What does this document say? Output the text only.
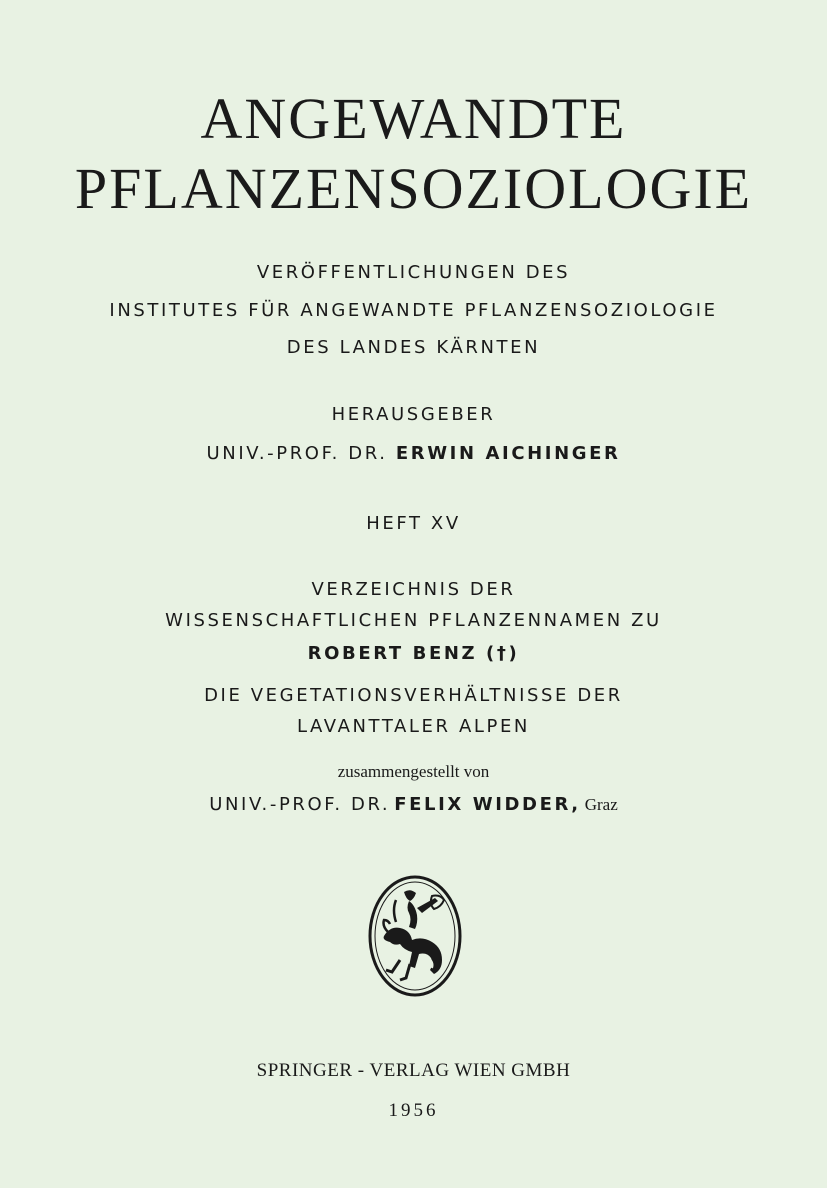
ANGEWANDTE
PFLANZENSOZIOLOGIE
VERÖFFENTLICHUNGEN DES
INSTITUTES FÜR ANGEWANDTE PFLANZENSOZIOLOGIE
DES LANDES KÄRNTEN
HERAUSGEBER
UNIV.-PROF. DR. ERWIN AICHINGER
HEFT XV
VERZEICHNIS DER
WISSENSCHAFTLICHEN PFLANZENNAMEN ZU
ROBERT BENZ (†)
DIE VEGETATIONSVERHÄLTNISSE DER
LAVANTTALER ALPEN
zusammengestellt von
UNIV.-PROF. DR. FELIX WIDDER, Graz
SPRINGER - VERLAG WIEN GMBH
1956
